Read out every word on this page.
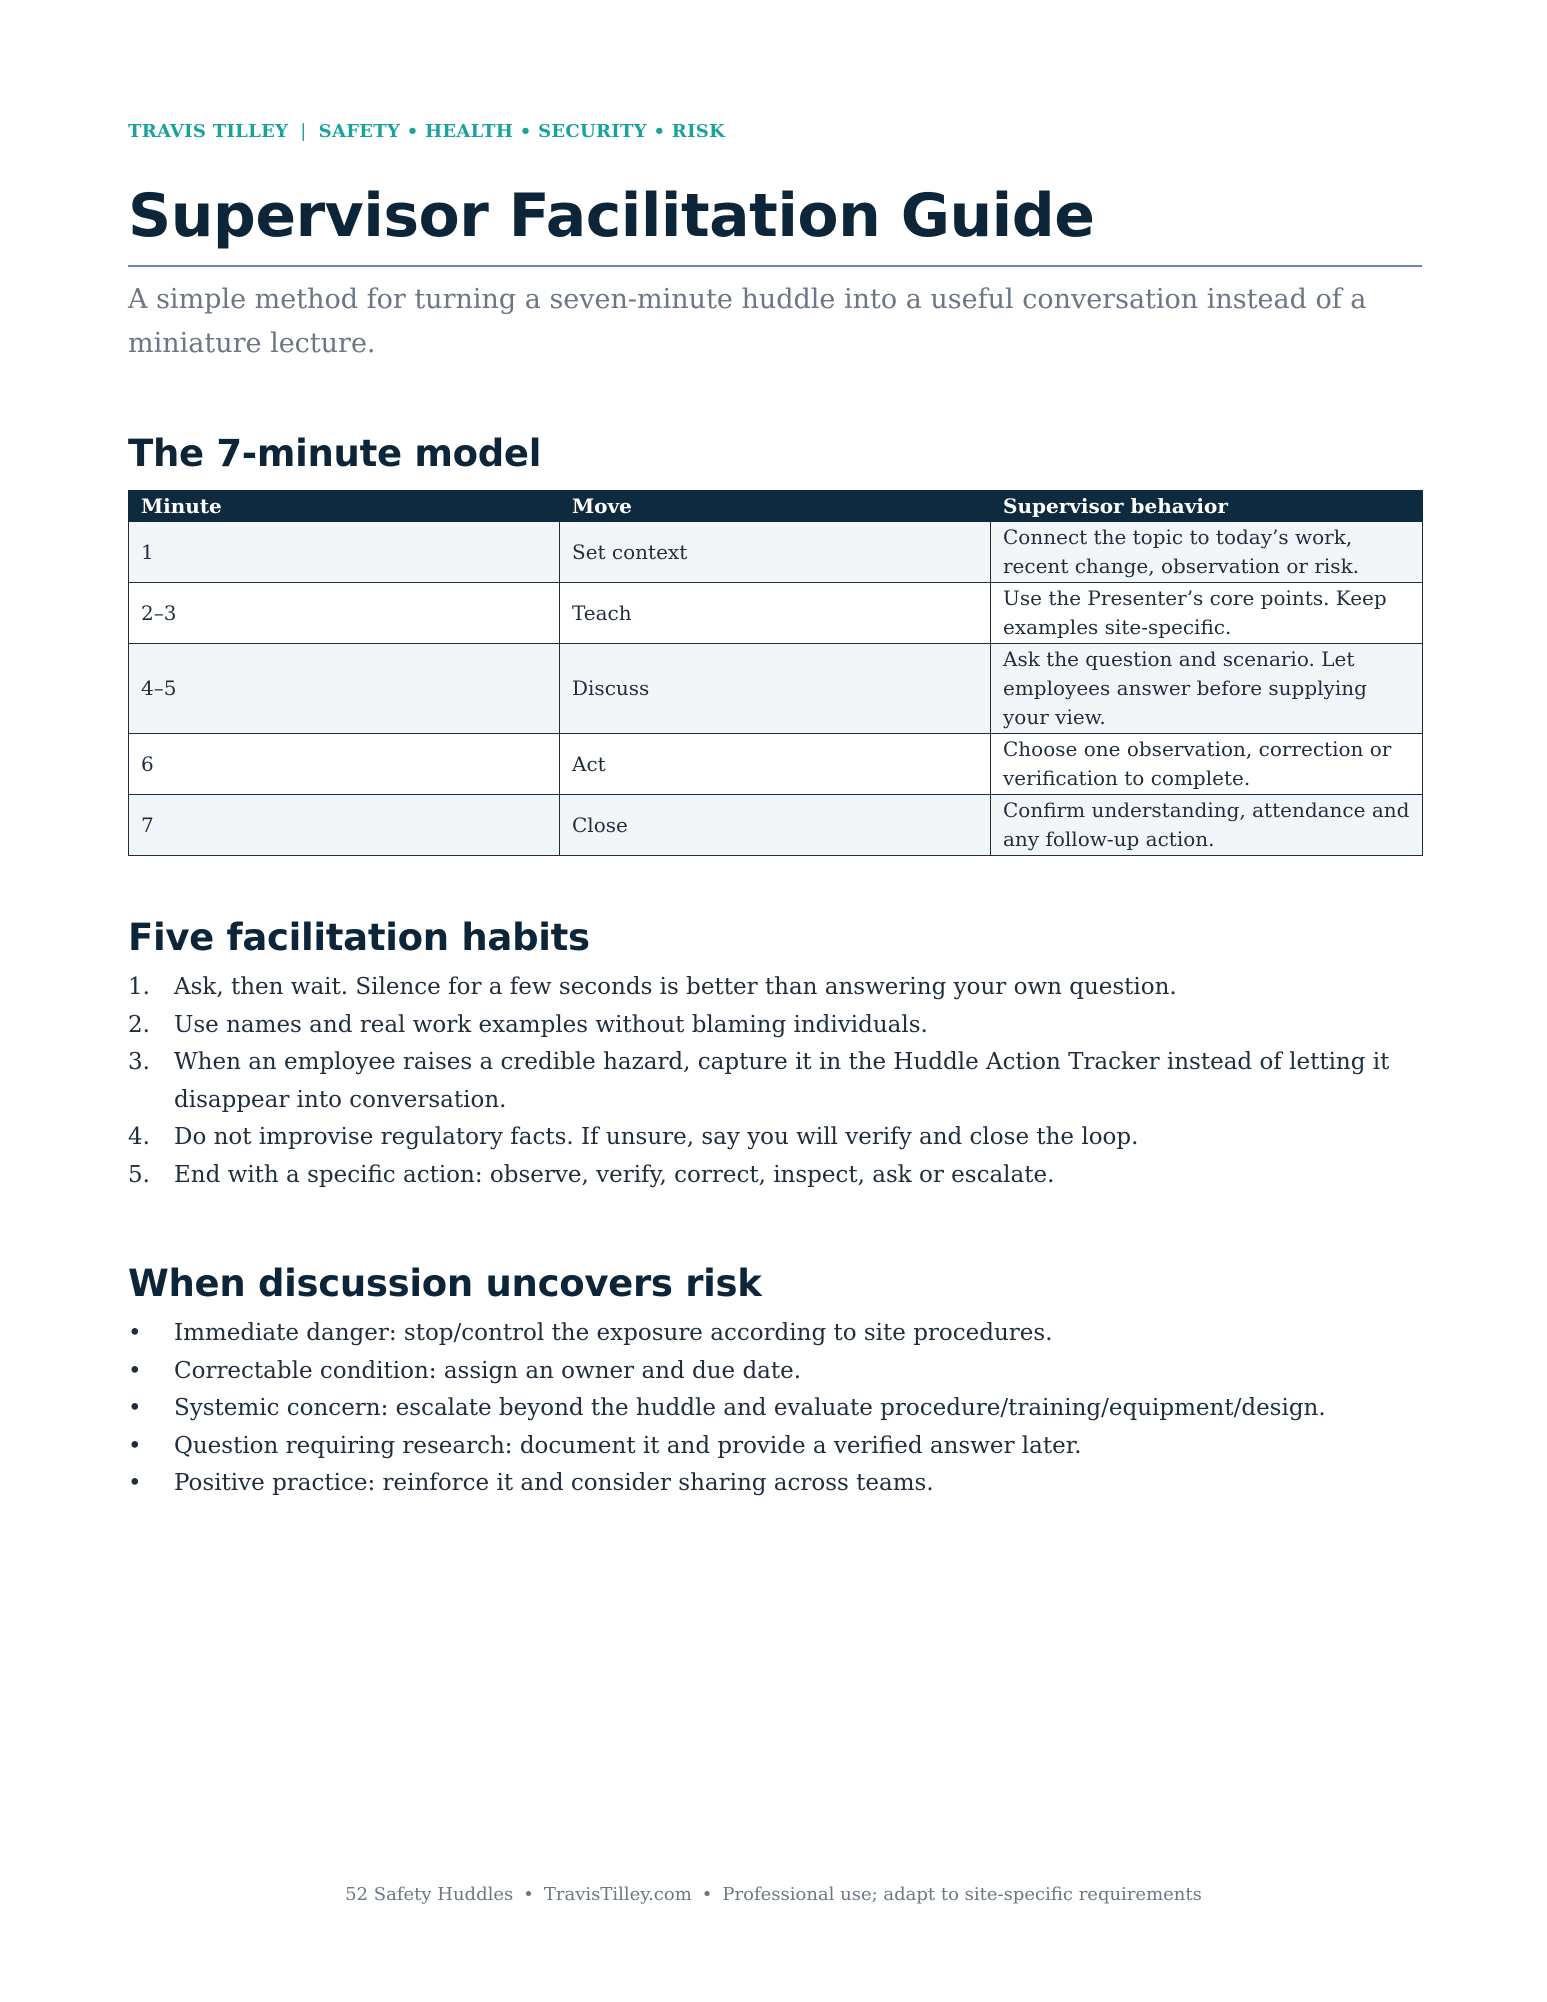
TRAVIS TILLEY | SAFETY • HEALTH • SECURITY • RISK
Supervisor Facilitation Guide

A simple method for turning a seven-minute huddle into a useful conversation instead of a miniature lecture.

The 7-minute model
Minute	Move	Supervisor behavior
1	Set context	Connect the topic to today’s work, recent change, observation or risk.
2–3	Teach	Use the Presenter’s core points. Keep examples site-specific.
4–5	Discuss	Ask the question and scenario. Let employees answer before supplying your view.
6	Act	Choose one observation, correction or verification to complete.
7	Close	Confirm understanding, attendance and any follow-up action.
Five facilitation habits
1. Ask, then wait. Silence for a few seconds is better than answering your own question.
2. Use names and real work examples without blaming individuals.
3. When an employee raises a credible hazard, capture it in the Huddle Action Tracker instead of letting it disappear into conversation.
4. Do not improvise regulatory facts. If unsure, say you will verify and close the loop.
5. End with a specific action: observe, verify, correct, inspect, ask or escalate.
When discussion uncovers risk
• Immediate danger: stop/control the exposure according to site procedures.
• Correctable condition: assign an owner and due date.
• Systemic concern: escalate beyond the huddle and evaluate procedure/training/equipment/design.
• Question requiring research: document it and provide a verified answer later.
• Positive practice: reinforce it and consider sharing across teams.
52 Safety Huddles • TravisTilley.com • Professional use; adapt to site-specific requirements
